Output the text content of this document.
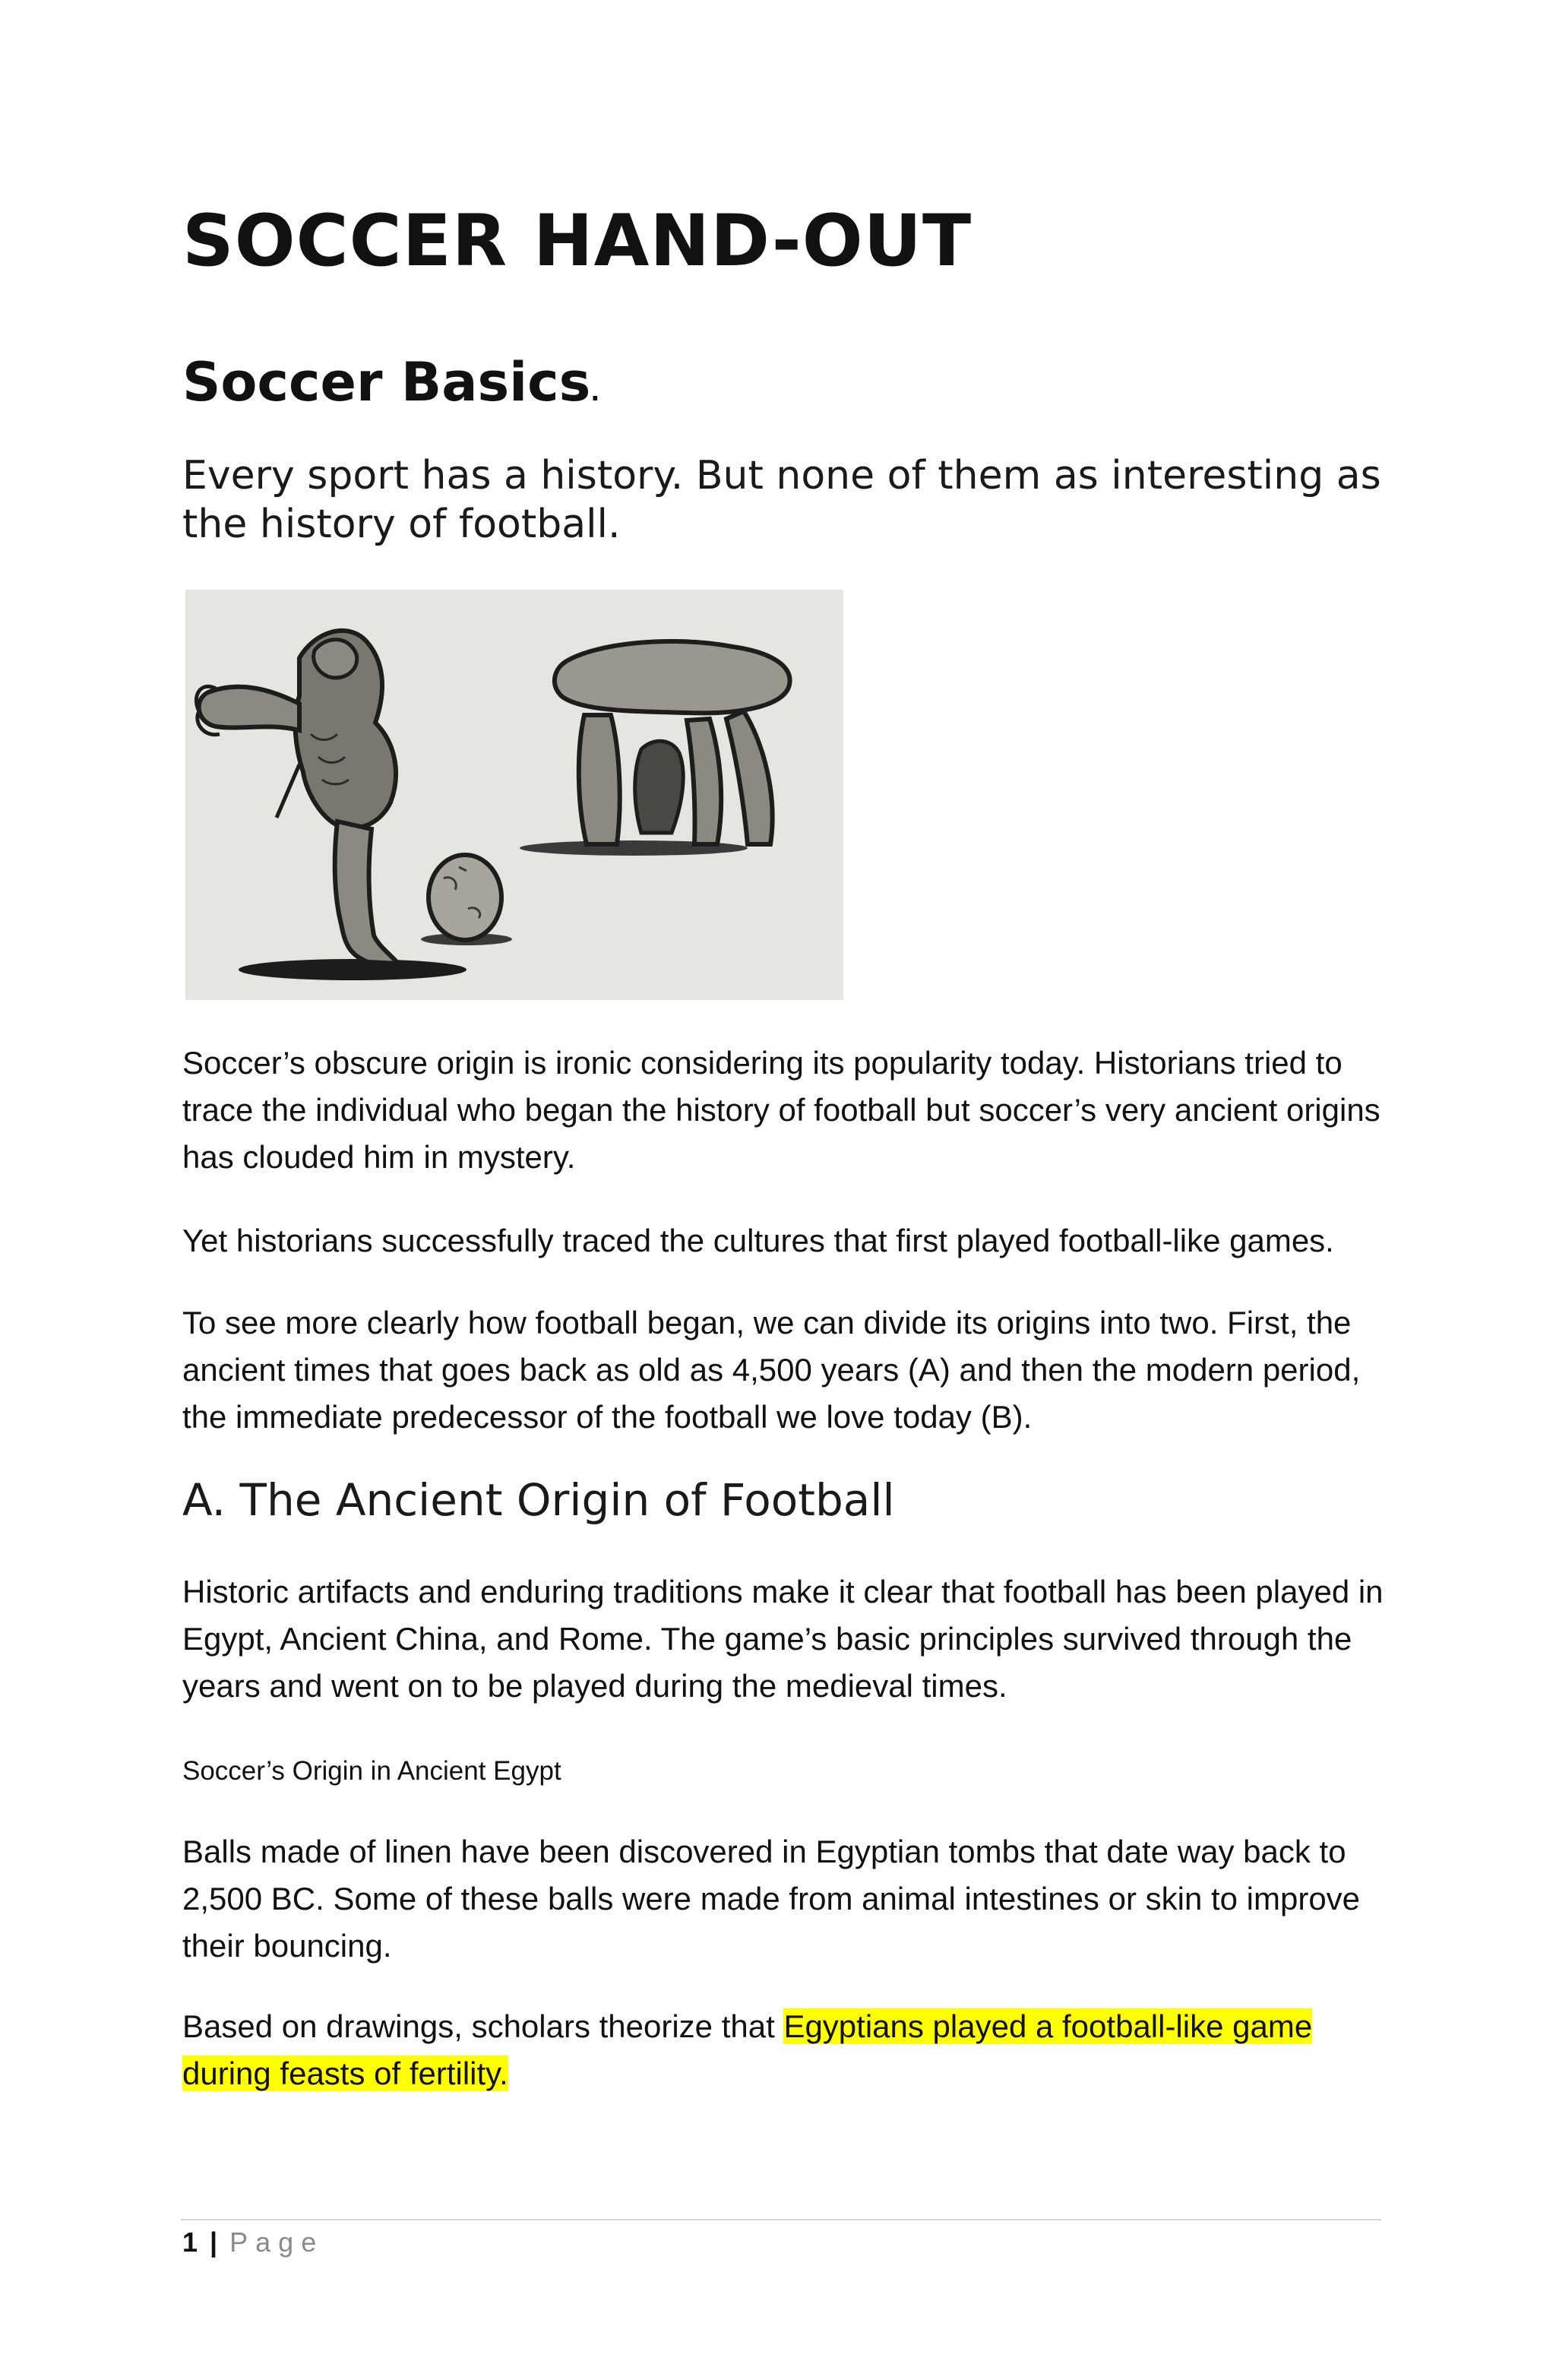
SOCCER HAND-OUT
Soccer Basics.

Every sport has a history. But none of them as interesting as the history of football.

Soccer’s obscure origin is ironic considering its popularity today. Historians tried to trace the individual who began the history of football but soccer’s very ancient origins has clouded him in mystery.

Yet historians successfully traced the cultures that first played football-like games.

To see more clearly how football began, we can divide its origins into two. First, the ancient times that goes back as old as 4,500 years (A) and then the modern period, the immediate predecessor of the football we love today (B).

A. The Ancient Origin of Football

Historic artifacts and enduring traditions make it clear that football has been played in Egypt, Ancient China, and Rome. The game’s basic principles survived through the years and went on to be played during the medieval times.

Soccer’s Origin in Ancient Egypt

Balls made of linen have been discovered in Egyptian tombs that date way back to 2,500 BC. Some of these balls were made from animal intestines or skin to improve their bouncing.

Based on drawings, scholars theorize that Egyptians played a football-like game during feasts of fertility.

1 | Page
